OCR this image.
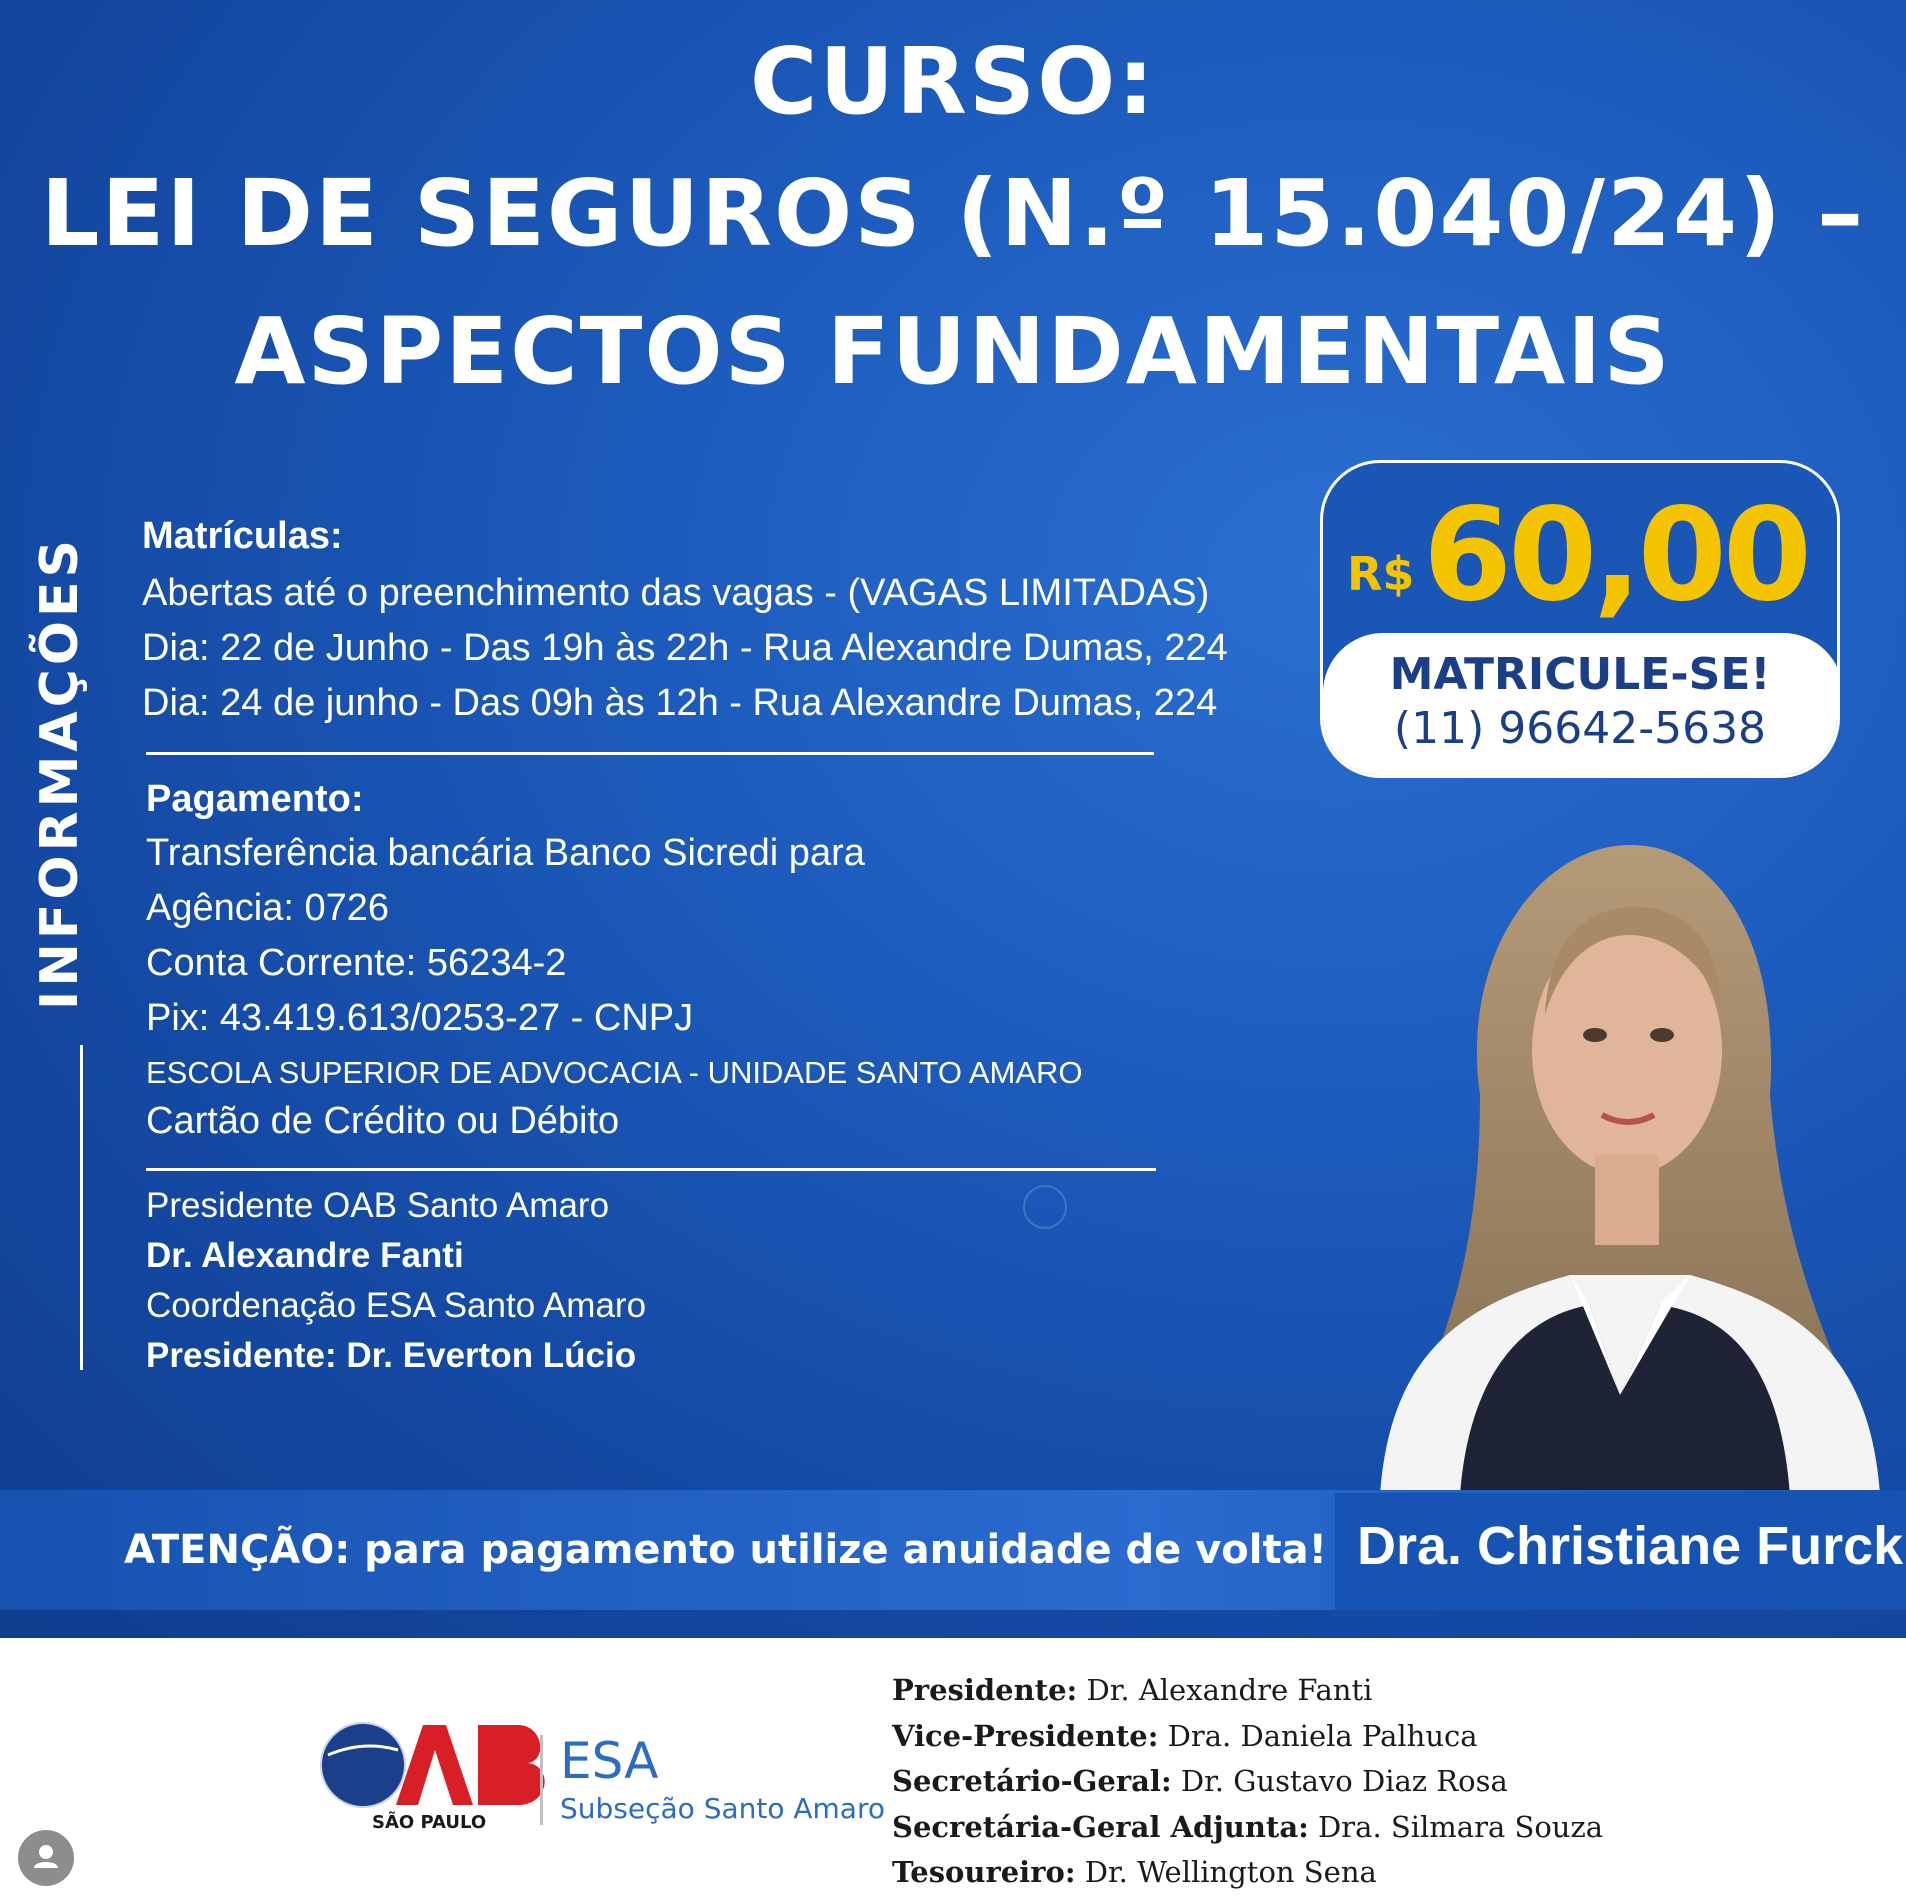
CURSO:
LEI DE SEGUROS (N.º 15.040/24) –
ASPECTOS FUNDAMENTAIS
INFORMAÇÕES
Matrículas:
Abertas até o preenchimento das vagas - (VAGAS LIMITADAS)
Dia: 22 de Junho - Das 19h às 22h - Rua Alexandre Dumas, 224
Dia: 24 de junho - Das 09h às 12h - Rua Alexandre Dumas, 224
Pagamento:
Transferência bancária Banco Sicredi para
Agência: 0726
Conta Corrente: 56234-2
Pix: 43.419.613/0253-27 - CNPJ
ESCOLA SUPERIOR DE ADVOCACIA - UNIDADE SANTO AMARO
Cartão de Crédito ou Débito
Presidente OAB Santo Amaro
Dr. Alexandre Fanti
Coordenação ESA Santo Amaro
Presidente: Dr. Everton Lúcio
R$ 60,00
MATRICULE-SE!
(11) 96642-5638
ATENÇÃO: para pagamento utilize anuidade de volta! Dra. Christiane Furck
SÃO PAULO
ESA
Subseção Santo Amaro
Presidente: Dr. Alexandre Fanti
Vice-Presidente: Dra. Daniela Palhuca
Secretário-Geral: Dr. Gustavo Diaz Rosa
Secretária-Geral Adjunta: Dra. Silmara Souza
Tesoureiro: Dr. Wellington Sena
